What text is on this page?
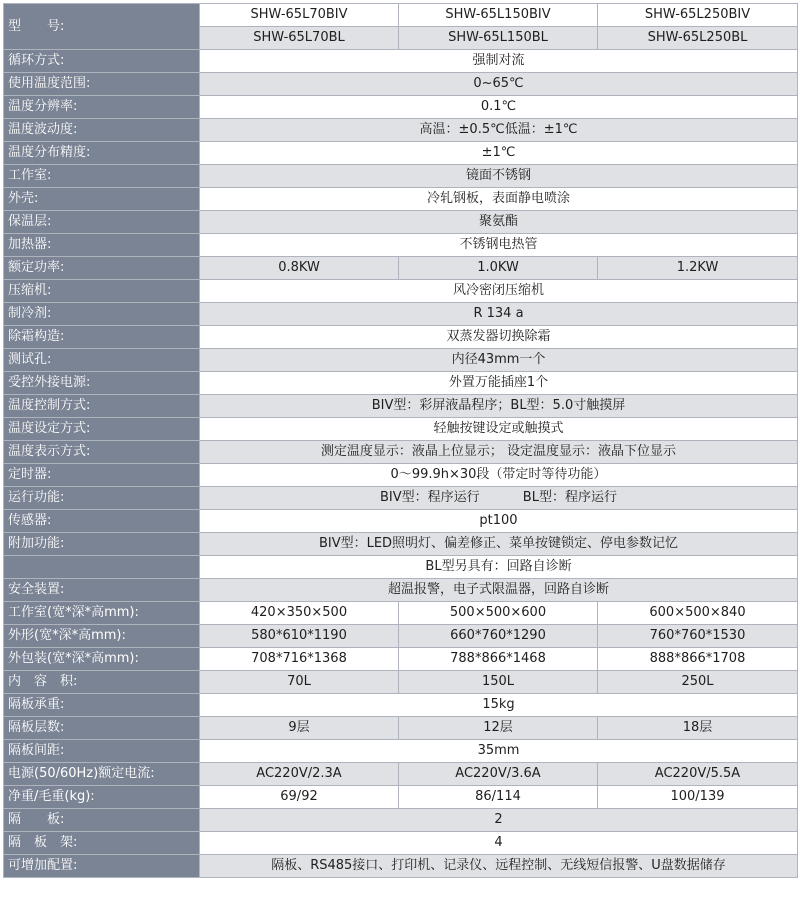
型　　号:	SHW-65L70BIV	SHW-65L150BIV	SHW-65L250BIV
	SHW-65L70BL	SHW-65L150BL	SHW-65L250BL
循环方式:	强制对流		
使用温度范围:	0~65℃		
温度分辨率:	0.1℃		
温度波动度:	高温：±0.5℃低温：±1℃		
温度分布精度:	±1℃		
工作室:	镜面不锈钢		
外壳:	冷轧钢板，表面静电喷涂		
保温层:	聚氨酯		
加热器:	不锈钢电热管		
额定功率:	0.8KW	1.0KW	1.2KW
压缩机:	风冷密闭压缩机		
制冷剂:	R 134 a		
除霜构造:	双蒸发器切换除霜		
测试孔:	内径43mm一个		
受控外接电源:	外置万能插座1个		
温度控制方式:	BIV型：彩屏液晶程序；BL型：5.0寸触摸屏		
温度设定方式:	轻触按键设定或触摸式		
温度表示方式:	测定温度显示：液晶上位显示； 设定温度显示：液晶下位显示		
定时器:	0～99.9h×30段（带定时等待功能）		
运行功能:	BIV型：程序运行　　　 BL型：程序运行		
传感器:	pt100		
附加功能:	BIV型：LED照明灯、偏差修正、菜单按键锁定、停电参数记忆		
	BL型另具有：回路自诊断		
安全装置:	超温报警，电子式限温器，回路自诊断		
工作室(宽*深*高mm):	420×350×500	500×500×600	600×500×840
外形(宽*深*高mm):	580*610*1190	660*760*1290	760*760*1530
外包装(宽*深*高mm):	708*716*1368	788*866*1468	888*866*1708
内　容　积:	70L	150L	250L
隔板承重:	15kg		
隔板层数:	9层	12层	18层
隔板间距:	35mm		
电源(50/60Hz)额定电流:	AC220V/2.3A	AC220V/3.6A	AC220V/5.5A
净重/毛重(kg):	69/92	86/114	100/139
隔　　板:	2		
隔　板　架:	4		
可增加配置:	隔板、RS485接口、打印机、记录仪、远程控制、无线短信报警、U盘数据储存		
